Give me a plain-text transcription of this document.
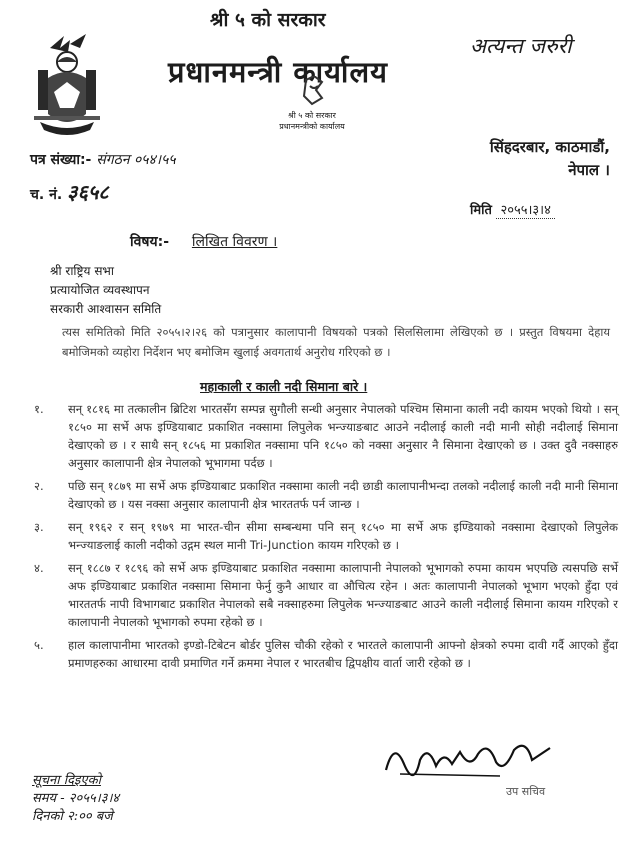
श्री ५ को सरकार
प्रधानमन्त्री कार्यालय
अत्यन्त जरुरी
श्री ५ को सरकार
प्रधानमन्त्रीको कार्यालय
सिंहदरबार, काठमाडौं,
नेपाल ।
पत्र संख्या:- संगठन ०५४।५५
च. नं. ३६५८
मिति २०५५।३।४
विषय:- लिखित विवरण ।
श्री राष्ट्रिय सभा
प्रत्यायोजित व्यवस्थापन
सरकारी आश्वासन समिति
त्यस समितिको मिति २०५५।२।२६ को पत्रानुसार कालापानी विषयको पत्रको सिलसिलामा लेखिएको छ । प्रस्तुत विषयमा देहाय बमोजिमको व्यहोरा निर्देशन भए बमोजिम खुलाई अवगतार्थ अनुरोध गरिएको छ ।
महाकाली र काली नदी सिमाना बारे ।
१.	सन् १८१६ मा तत्कालीन ब्रिटिश भारतसँग सम्पन्न सुगौली सन्धी अनुसार नेपालको पश्चिम सिमाना काली नदी कायम भएको थियो । सन् १८५० मा सर्भे अफ इण्डियाबाट प्रकाशित नक्सामा लिपुलेक भन्ज्याङबाट आउने नदीलाई काली नदी मानी सोही नदीलाई सिमाना देखाएको छ । र साथै सन् १८५६ मा प्रकाशित नक्सामा पनि १८५० को नक्सा अनुसार नै सिमाना देखाएको छ । उक्त दुवै नक्साहरु अनुसार कालापानी क्षेत्र नेपालको भूभागमा पर्दछ ।
२.	पछि सन् १८७९ मा सर्भे अफ इण्डियाबाट प्रकाशित नक्सामा काली नदी छाडी कालापानीभन्दा तलको नदीलाई काली नदी मानी सिमाना देखाएको छ । यस नक्सा अनुसार कालापानी क्षेत्र भारततर्फ पर्न जान्छ ।
३.	सन् १९६२ र सन् १९७९ मा भारत-चीन सीमा सम्बन्धमा पनि सन् १८५० मा सर्भे अफ इण्डियाको नक्सामा देखाएको लिपुलेक भन्ज्याङलाई काली नदीको उद्गम स्थल मानी Tri-Junction कायम गरिएको छ ।
४.	सन् १८८७ र १८९६ को सर्भे अफ इण्डियाबाट प्रकाशित नक्सामा कालापानी नेपालको भूभागको रुपमा कायम भएपछि त्यसपछि सर्भे अफ इण्डियाबाट प्रकाशित नक्सामा सिमाना फेर्नु कुनै आधार वा औचित्य रहेन । अतः कालापानी नेपालको भूभाग भएको हुँदा एवं भारततर्फ नापी विभागबाट प्रकाशित नेपालको सबै नक्साहरुमा लिपुलेक भन्ज्याङबाट आउने काली नदीलाई सिमाना कायम गरिएको र कालापानी नेपालको भूभागको रुपमा रहेको छ ।
५.	हाल कालापानीमा भारतको इण्डो-टिबेटन बोर्डर पुलिस चौकी रहेको र भारतले कालापानी आफ्नो क्षेत्रको रुपमा दावी गर्दै आएको हुँदा प्रमाणहरुका आधारमा दावी प्रमाणित गर्ने क्रममा नेपाल र भारतबीच द्विपक्षीय वार्ता जारी रहेको छ ।
उप सचिव
सूचना दिइएको
समय - २०५५।३।४
दिनको २:०० बजे
